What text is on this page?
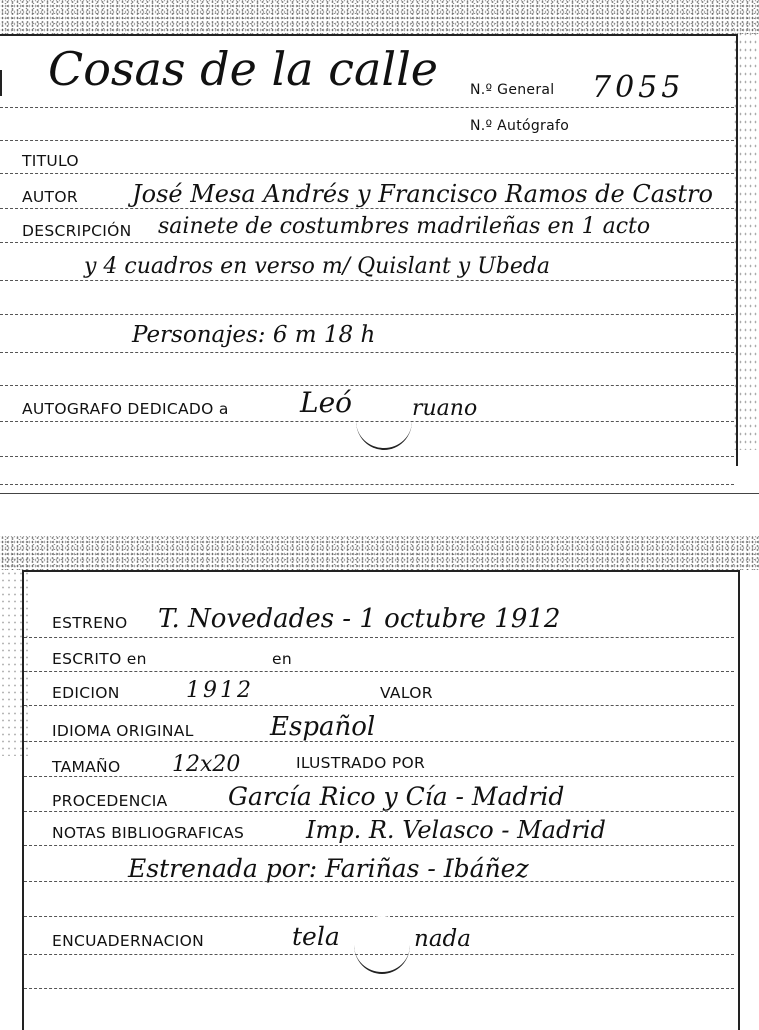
Cosas de la calle N.º General 7055
N.º Autógrafo
TITULO
AUTOR José Mesa Andrés y Francisco Ramos de Castro
DESCRIPCIÓN sainete de costumbres madrileñas en 1 acto
y 4 cuadros en verso m/ Quislant y Ubeda
Personajes: 6 m 18 h
AUTOGRAFO DEDICADO a	Leó	ruano
ESTRENO T. Novedades - 1 octubre 1912
ESCRITO en	en
EDICION	1912	VALOR
IDIOMA ORIGINAL	Español
TAMAÑO 12x20	ILUSTRADO POR
PROCEDENCIA García Rico y Cía - Madrid
NOTAS BIBLIOGRAFICAS	Imp. R. Velasco - Madrid
Estrenada por: Fariñas - Ibáñez
ENCUADERNACION	tela	nada
